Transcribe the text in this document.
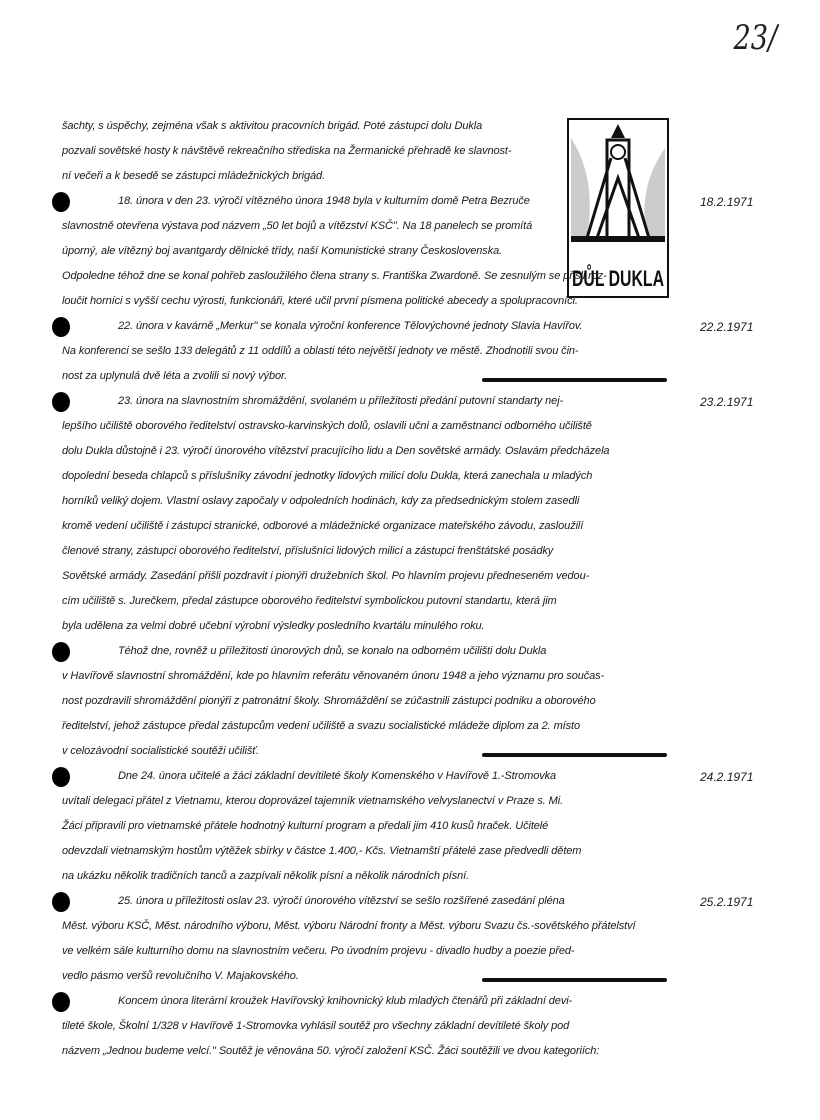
23/
DŮL DUKLA
šachty, s úspěchy, zejména však s aktivitou pracovních brigád. Poté zástupci dolu Dukla
pozvali sovětské hosty k návštěvě rekreačního střediska na Žermanické přehradě ke slavnost-
ní večeři a k besedě se zástupci mládežnických brigád.
18. února v den 23. výročí vítězného února 1948 byla v kulturním domě Petra Bezruče	18.2.1971
slavnostně otevřena výstava pod názvem „50 let bojů a vítězství KSČ". Na 18 panelech se promítá
úporný, ale vítězný boj avantgardy dělnické třídy, naší Komunistické strany Československa.
Odpoledne téhož dne se konal pohřeb zasloužilého člena strany s. Františka Zwardoně. Se zesnulým se přišli roz-
loučit horníci s vyšší cechu výrosti, funkcionáři, které učil první písmena politické abecedy a spolupracovníci.
22. února v kavárně „Merkur" se konala výroční konference Tělovýchovné jednoty Slavia Havířov.	22.2.1971
Na konferenci se sešlo 133 delegátů z 11 oddílů a oblasti této největší jednoty ve městě. Zhodnotili svou čin-
nost za uplynulá dvě léta a zvolili si nový výbor.
23. února na slavnostním shromáždění, svolaném u příležitosti předání putovní standarty nej-	23.2.1971
lepšího učiliště oborového ředitelství ostravsko-karvinských dolů, oslavili učni a zaměstnanci odborného učiliště
dolu Dukla důstojně i 23. výročí únorového vítězství pracujícího lidu a Den sovětské armády. Oslavám předcházela
dopolední beseda chlapců s příslušníky závodní jednotky lidových milicí dolu Dukla, která zanechala u mladých
horníků veliký dojem. Vlastní oslavy započaly v odpoledních hodinách, kdy za předsednickým stolem zasedli
kromě vedení učiliště i zástupci stranické, odborové a mládežnické organizace mateřského závodu, zasloužilí
členové strany, zástupci oborového ředitelství, příslušníci lidových milicí a zástupci frenštátské posádky
Sovětské armády. Zasedání přišli pozdravit i pionýři družebních škol. Po hlavním projevu předneseném vedou-
cím učiliště s. Jurečkem, předal zástupce oborového ředitelství symbolickou putovní standartu, která jim
byla udělena za velmi dobré učební výrobní výsledky posledního kvartálu minulého roku.
Téhož dne, rovněž u příležitosti únorových dnů, se konalo na odborném učilišti dolu Dukla
v Havířově slavnostní shromáždění, kde po hlavním referátu věnovaném únoru 1948 a jeho významu pro součas-
nost pozdravili shromáždění pionýři z patronátní školy. Shromáždění se zúčastnili zástupci podniku a oborového
ředitelství, jehož zástupce předal zástupcům vedení učiliště a svazu socialistické mládeže diplom za 2. místo
v celozávodní socialistické soutěži učilišť.
Dne 24. února učitelé a žáci základní devítileté školy Komenského v Havířově 1.-Stromovka	24.2.1971
uvítali delegaci přátel z Vietnamu, kterou doprovázel tajemník vietnamského velvyslanectví v Praze s. Mi.
Žáci připravili pro vietnamské přátele hodnotný kulturní program a předali jim 410 kusů hraček. Učitelé
odevzdali vietnamským hostům výtěžek sbírky v částce 1.400,- Kčs. Vietnamští přátelé zase předvedli dětem
na ukázku několik tradičních tanců a zazpívali několik písní a několik národních písní.
25. února u příležitosti oslav 23. výročí únorového vítězství se sešlo rozšířené zasedání pléna	25.2.1971
Měst. výboru KSČ, Měst. národního výboru, Měst. výboru Národní fronty a Měst. výboru Svazu čs.-sovětského přátelství
ve velkém sále kulturního domu na slavnostním večeru. Po úvodním projevu - divadlo hudby a poezie před-
vedlo pásmo veršů revolučního V. Majakovského.
Koncem února literární kroužek Havířovský knihovnický klub mladých čtenářů při základní devi-
tileté škole, Školní 1/328 v Havířově 1-Stromovka vyhlásil soutěž pro všechny základní devítileté školy pod
názvem „Jednou budeme velcí." Soutěž je věnována 50. výročí založení KSČ. Žáci soutěžili ve dvou kategoriích:
